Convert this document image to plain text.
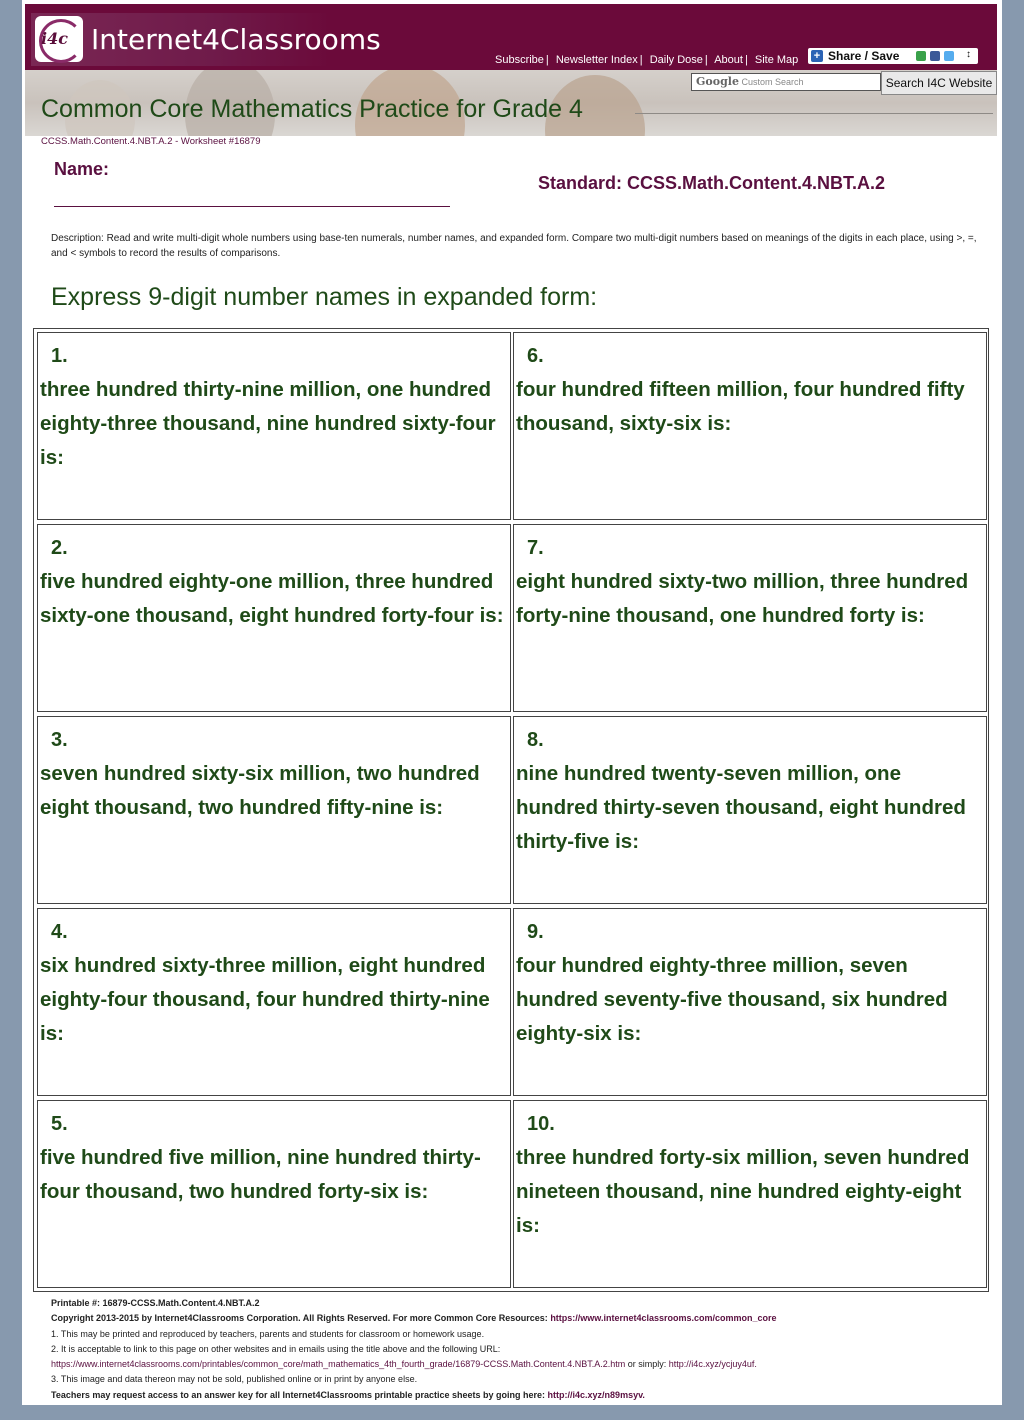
i4c Internet4Classrooms
Subscribe | Newsletter Index | Daily Dose | About | Site Map + Share / Save	↕
Google Custom Search	Search I4C Website
Common Core Mathematics Practice for Grade 4
CCSS.Math.Content.4.NBT.A.2 - Worksheet #16879
Name:
Standard: CCSS.Math.Content.4.NBT.A.2
Description: Read and write multi-digit whole numbers using base-ten numerals, number names, and expanded form. Compare two multi-digit numbers based on meanings of the digits in each place, using >, =, and < symbols to record the results of comparisons.
Express 9-digit number names in expanded form:
1.
three hundred thirty-nine million, one hundred eighty-three thousand, nine hundred sixty-four is:
6.
four hundred fifteen million, four hundred fifty thousand, sixty-six is:
2.
five hundred eighty-one million, three hundred sixty-one thousand, eight hundred forty-four is:
7.
eight hundred sixty-two million, three hundred forty-nine thousand, one hundred forty is:
3.
seven hundred sixty-six million, two hundred eight thousand, two hundred fifty-nine is:
8.
nine hundred twenty-seven million, one hundred thirty-seven thousand, eight hundred thirty-five is:
4.
six hundred sixty-three million, eight hundred eighty-four thousand, four hundred thirty-nine is:
9.
four hundred eighty-three million, seven hundred seventy-five thousand, six hundred eighty-six is:
5.
five hundred five million, nine hundred thirty-four thousand, two hundred forty-six is:
10.
three hundred forty-six million, seven hundred nineteen thousand, nine hundred eighty-eight is:
Printable #: 16879-CCSS.Math.Content.4.NBT.A.2
Copyright 2013-2015 by Internet4Classrooms Corporation. All Rights Reserved. For more Common Core Resources: https://www.internet4classrooms.com/common_core
1. This may be printed and reproduced by teachers, parents and students for classroom or homework usage.
2. It is acceptable to link to this page on other websites and in emails using the title above and the following URL:
https://www.internet4classrooms.com/printables/common_core/math_mathematics_4th_fourth_grade/16879-CCSS.Math.Content.4.NBT.A.2.htm or simply: http://i4c.xyz/ycjuy4uf.
3. This image and data thereon may not be sold, published online or in print by anyone else.
Teachers may request access to an answer key for all Internet4Classrooms printable practice sheets by going here: http://i4c.xyz/n89msyv.
